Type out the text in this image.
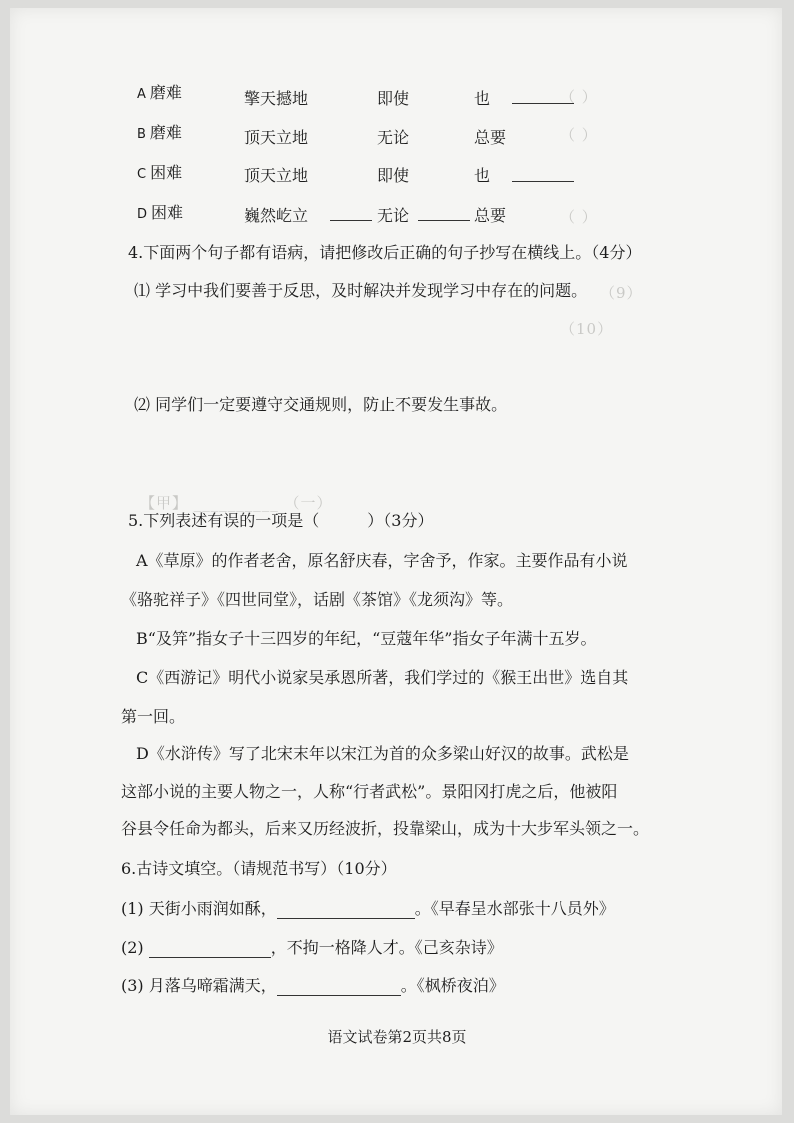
（ ）
（ ）
（ ）
（9）
（10）
【甲】 __________ （一）
A 磨难	擎天撼地	即使	也
B 磨难	顶天立地	无论	总要
C 困难	顶天立地	即使	也
D 困难	巍然屹立	无论	总要
4.下面两个句子都有语病，请把修改后正确的句子抄写在横线上。（4分）
⑴ 学习中我们要善于反思，及时解决并发现学习中存在的问题。
⑵ 同学们一定要遵守交通规则，防止不要发生事故。
5.下列表述有误的一项是（　　　）（3分）
A《草原》的作者老舍，原名舒庆春，字舍予，作家。主要作品有小说
《骆驼祥子》《四世同堂》，话剧《茶馆》《龙须沟》等。
B“及笄”指女子十三四岁的年纪，“豆蔻年华”指女子年满十五岁。
C《西游记》明代小说家吴承恩所著，我们学过的《猴王出世》选自其
第一回。
D《水浒传》写了北宋末年以宋江为首的众多梁山好汉的故事。武松是
这部小说的主要人物之一，人称“行者武松”。景阳冈打虎之后，他被阳
谷县令任命为都头，后来又历经波折，投靠梁山，成为十大步军头领之一。
6.古诗文填空。（请规范书写）（10分）
(1) 天街小雨润如酥，	。《早春呈水部张十八员外》
(2)	，不拘一格降人才。《己亥杂诗》
(3) 月落乌啼霜满天，	。《枫桥夜泊》
语文试卷第2页共8页
